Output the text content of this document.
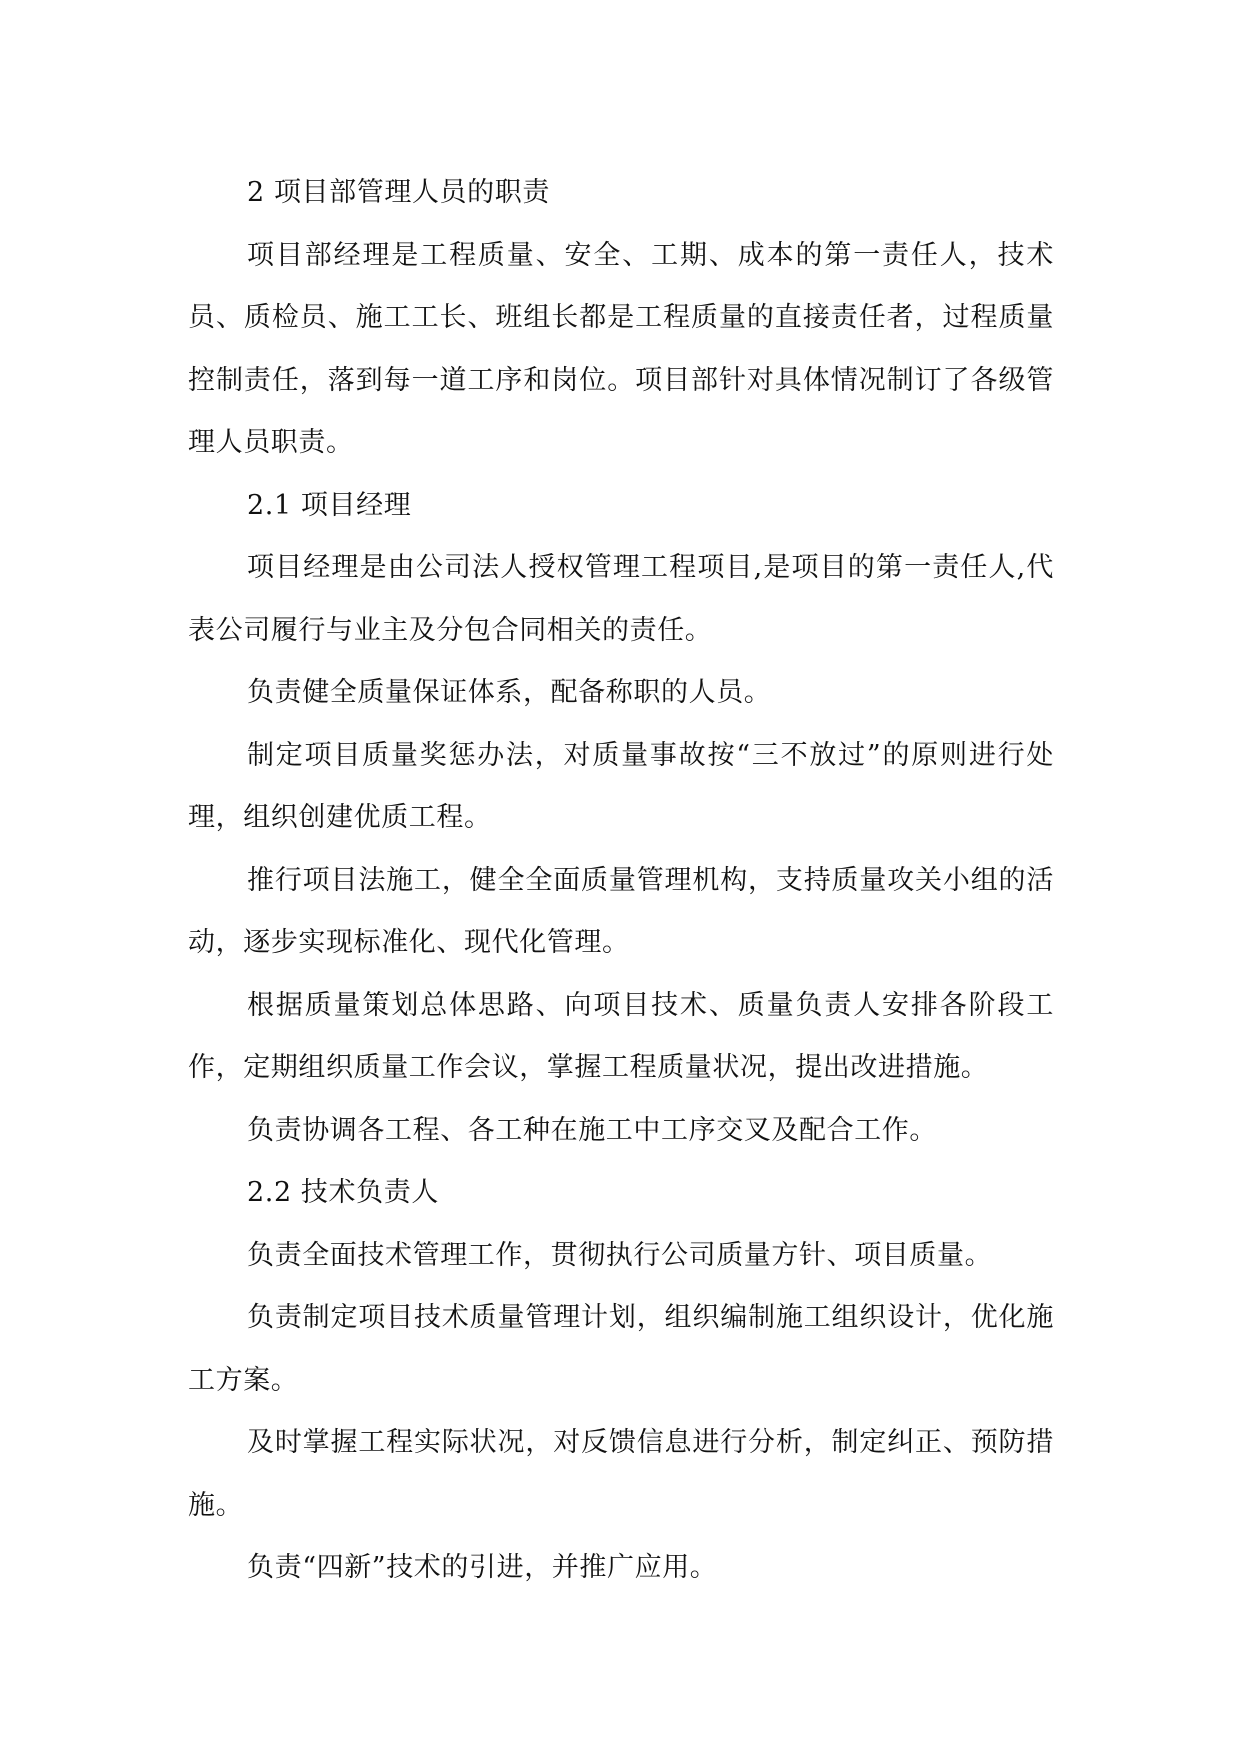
2 项目部管理人员的职责

项目部经理是工程质量、安全、工期、成本的第一责任人，技术员、质检员、施工工长、班组长都是工程质量的直接责任者，过程质量控制责任，落到每一道工序和岗位。项目部针对具体情况制订了各级管理人员职责。

2.1 项目经理

项目经理是由公司法人授权管理工程项目,是项目的第一责任人,代表公司履行与业主及分包合同相关的责任。

负责健全质量保证体系，配备称职的人员。

制定项目质量奖惩办法，对质量事故按“三不放过”的原则进行处理，组织创建优质工程。

推行项目法施工，健全全面质量管理机构，支持质量攻关小组的活动，逐步实现标准化、现代化管理。

根据质量策划总体思路、向项目技术、质量负责人安排各阶段工作，定期组织质量工作会议，掌握工程质量状况，提出改进措施。

负责协调各工程、各工种在施工中工序交叉及配合工作。

2.2 技术负责人

负责全面技术管理工作，贯彻执行公司质量方针、项目质量。

负责制定项目技术质量管理计划，组织编制施工组织设计，优化施工方案。

及时掌握工程实际状况，对反馈信息进行分析，制定纠正、预防措施。

负责“四新”技术的引进，并推广应用。
